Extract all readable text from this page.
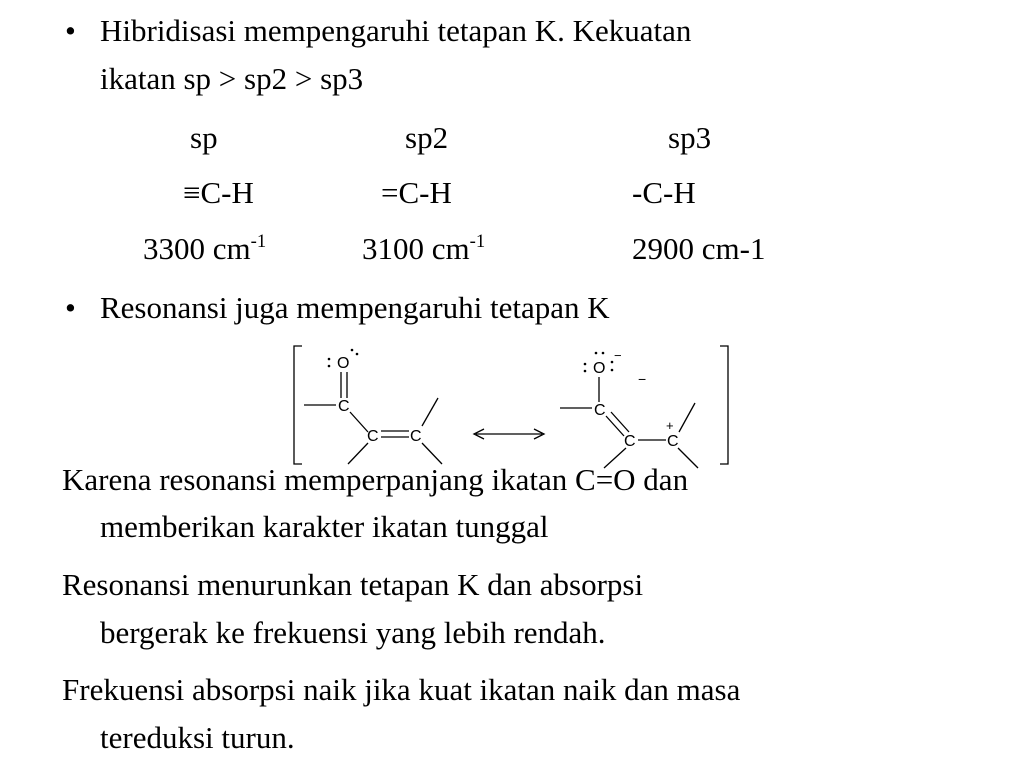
• Hibridisasi mempengaruhi tetapan K. Kekuatan
ikatan sp > sp2 > sp3
sp	sp2	sp3
≡C-H	=C-H	-C-H
3300 $cm^{-1}$	3100 $cm^{-1}$	2900 cm-1
• Resonansi juga mempengaruhi tetapan K
O
C
C C
O
−
−
C
C C
+
Karena resonansi memperpanjang ikatan C=O dan
memberikan karakter ikatan tunggal
Resonansi menurunkan tetapan K dan absorpsi
bergerak ke frekuensi yang lebih rendah.
Frekuensi absorpsi naik jika kuat ikatan naik dan masa
tereduksi turun.
